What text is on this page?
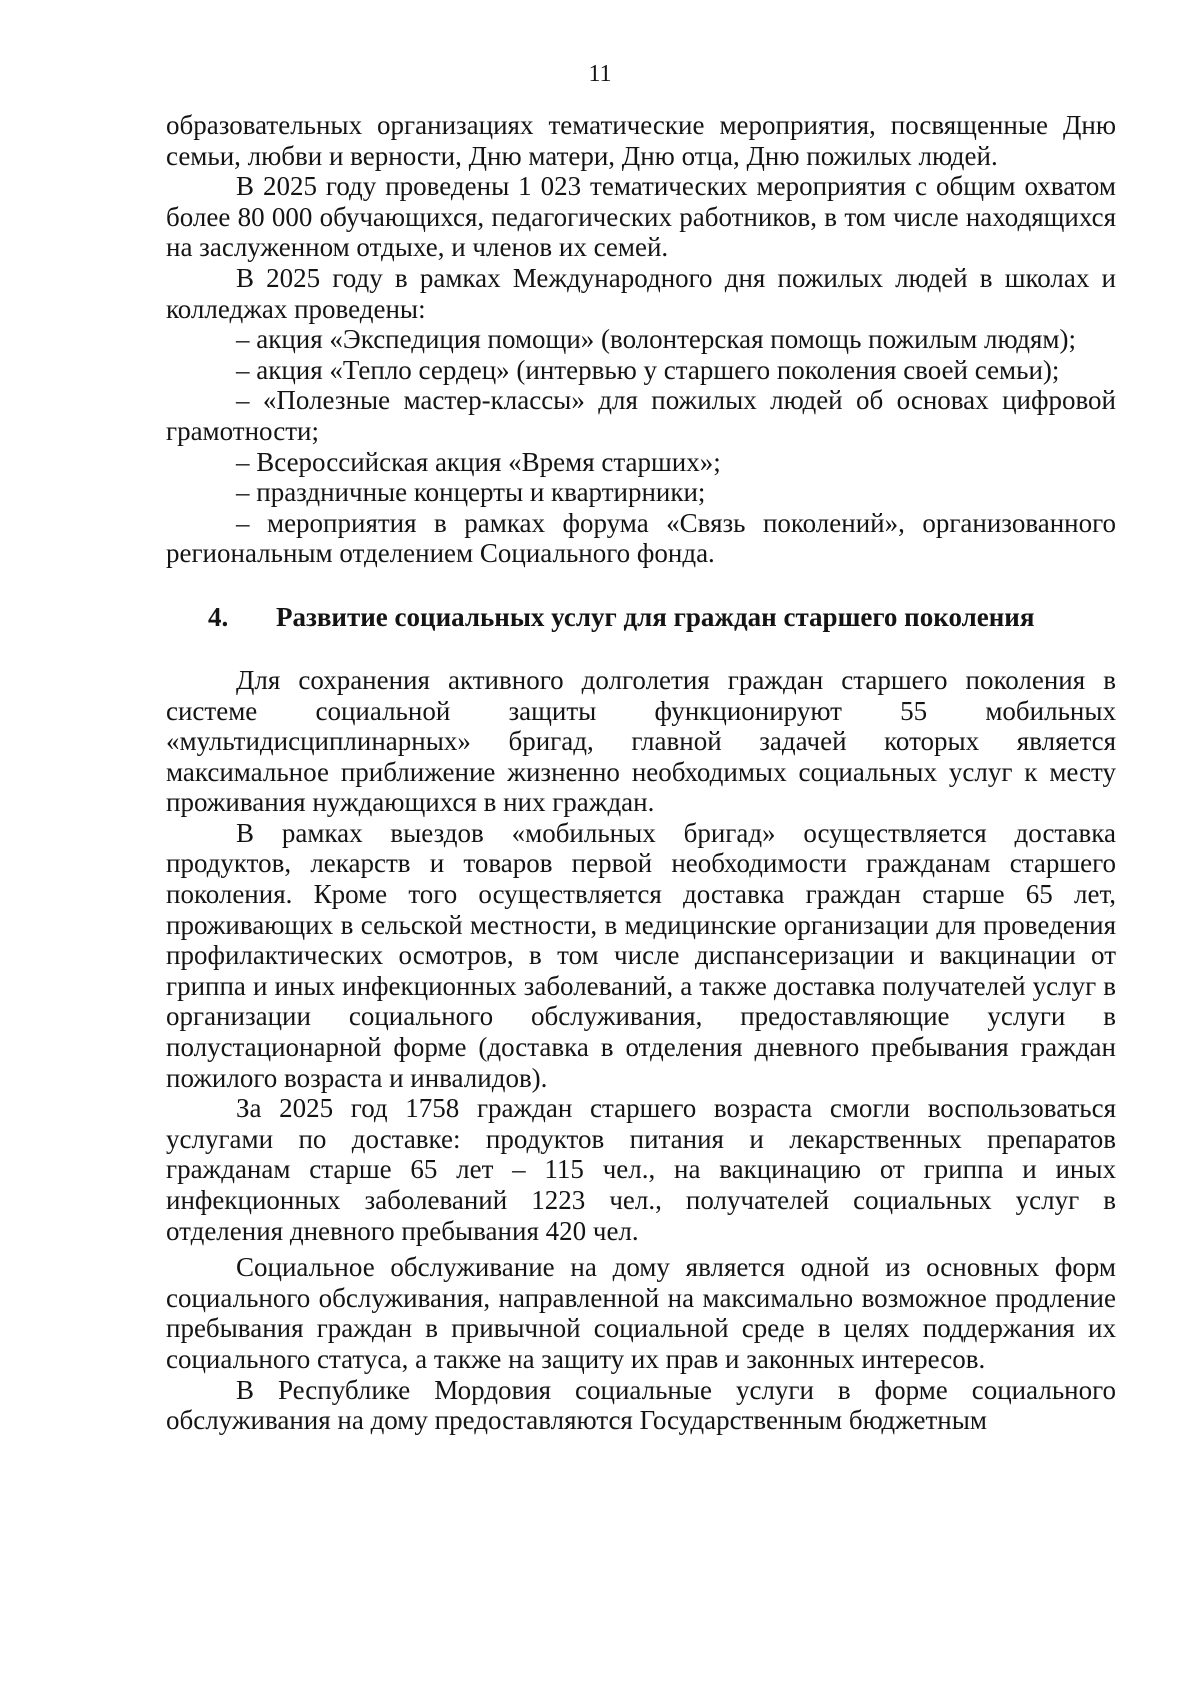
11

образовательных организациях тематические мероприятия, посвященные Дню семьи, любви и верности, Дню матери, Дню отца, Дню пожилых людей.

В 2025 году проведены 1 023 тематических мероприятия с общим охватом более 80 000 обучающихся, педагогических работников, в том числе находящихся на заслуженном отдыхе, и членов их семей.

В 2025 году в рамках Международного дня пожилых людей в школах и колледжах проведены:

– акция «Экспедиция помощи» (волонтерская помощь пожилым людям);

– акция «Тепло сердец» (интервью у старшего поколения своей семьи);

– «Полезные мастер-классы» для пожилых людей об основах цифровой грамотности;

– Всероссийская акция «Время старших»;

– праздничные концерты и квартирники;

– мероприятия в рамках форума «Связь поколений», организованного региональным отделением Социального фонда.

4.	Развитие социальных услуг для граждан старшего поколения

Для сохранения активного долголетия граждан старшего поколения в системе социальной защиты функционируют 55 мобильных «мультидисциплинарных» бригад, главной задачей которых является максимальное приближение жизненно необходимых социальных услуг к месту проживания нуждающихся в них граждан.

В рамках выездов «мобильных бригад» осуществляется доставка продуктов, лекарств и товаров первой необходимости гражданам старшего поколения. Кроме того осуществляется доставка граждан старше 65 лет, проживающих в сельской местности, в медицинские организации для проведения профилактических осмотров, в том числе диспансеризации и вакцинации от гриппа и иных инфекционных заболеваний, а также доставка получателей услуг в организации социального обслуживания, предоставляющие услуги в полустационарной форме (доставка в отделения дневного пребывания граждан пожилого возраста и инвалидов).

За 2025 год 1758 граждан старшего возраста смогли воспользоваться услугами по доставке: продуктов питания и лекарственных препаратов гражданам старше 65 лет – 115 чел., на вакцинацию от гриппа и иных инфекционных заболеваний 1223 чел., получателей социальных услуг в отделения дневного пребывания 420 чел.

Социальное обслуживание на дому является одной из основных форм социального обслуживания, направленной на максимально возможное продление пребывания граждан в привычной социальной среде в целях поддержания их социального статуса, а также на защиту их прав и законных интересов.

В Республике Мордовия социальные услуги в форме социального обслуживания на дому предоставляются Государственным бюджетным
